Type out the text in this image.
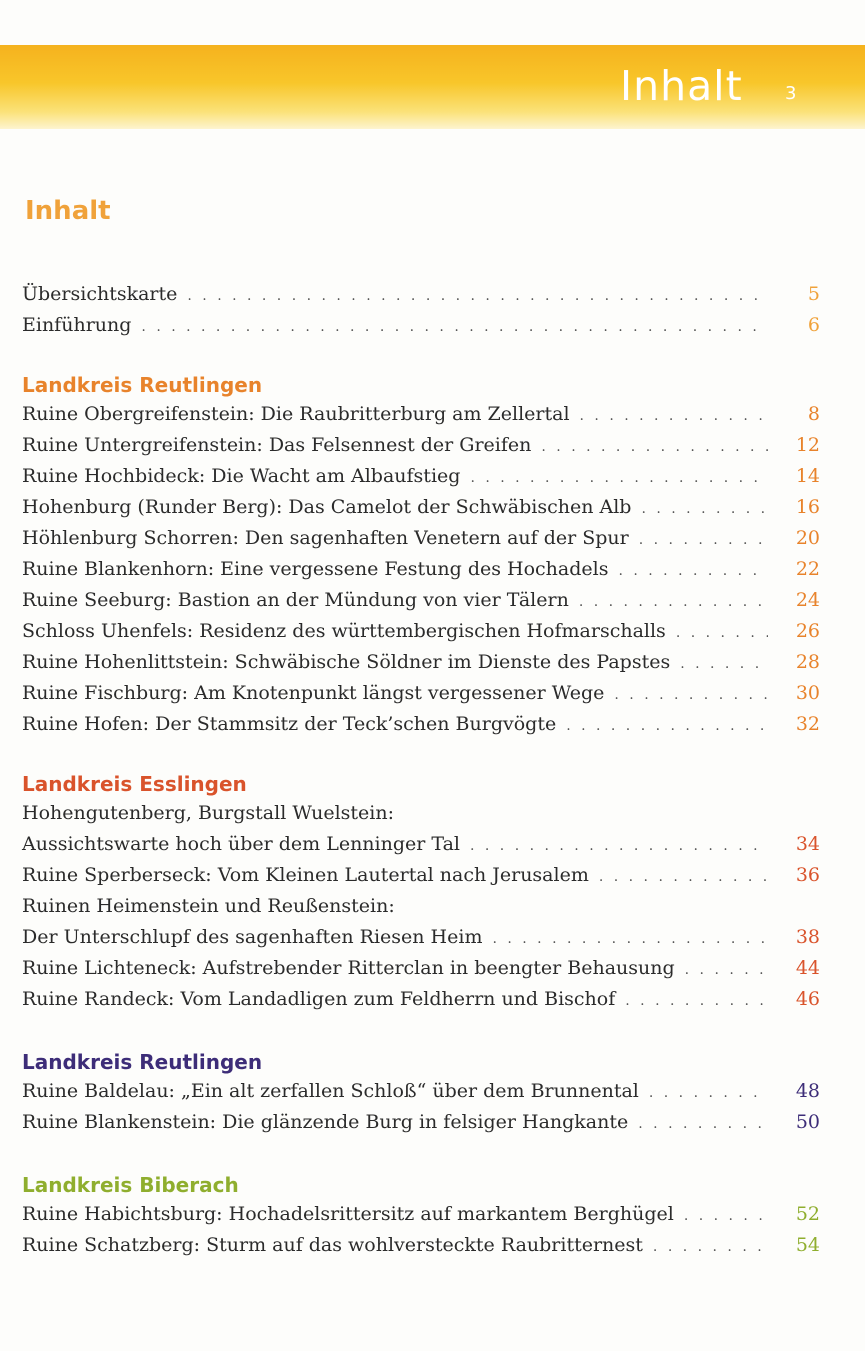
Inhalt 3
Inhalt
Übersichtskarte . . .	5
Einführung . . .	6
Landkreis Reutlingen
Ruine Obergreifenstein: Die Raubritterburg am Zellertal . . .	8
Ruine Untergreifenstein: Das Felsennest der Greifen . . .	12
Ruine Hochbideck: Die Wacht am Albaufstieg . . .	14
Hohenburg (Runder Berg): Das Camelot der Schwäbischen Alb . . .	16
Höhlenburg Schorren: Den sagenhaften Venetern auf der Spur . . .	20
Ruine Blankenhorn: Eine vergessene Festung des Hochadels . . .	22
Ruine Seeburg: Bastion an der Mündung von vier Tälern . . .	24
Schloss Uhenfels: Residenz des württembergischen Hofmarschalls . . .	26
Ruine Hohenlittstein: Schwäbische Söldner im Dienste des Papstes . . .	28
Ruine Fischburg: Am Knotenpunkt längst vergessener Wege . . .	30
Ruine Hofen: Der Stammsitz der Teck’schen Burgvögte . . .	32
Landkreis Esslingen
Hohengutenberg, Burgstall Wuelstein:
Aussichtswarte hoch über dem Lenninger Tal . . .	34
Ruine Sperberseck: Vom Kleinen Lautertal nach Jerusalem . . .	36
Ruinen Heimenstein und Reußenstein:
Der Unterschlupf des sagenhaften Riesen Heim . . .	38
Ruine Lichteneck: Aufstrebender Ritterclan in beengter Behausung . . .	44
Ruine Randeck: Vom Landadligen zum Feldherrn und Bischof . . .	46
Landkreis Reutlingen
Ruine Baldelau: „Ein alt zerfallen Schloß“ über dem Brunnental . . .	48
Ruine Blankenstein: Die glänzende Burg in felsiger Hangkante . . .	50
Landkreis Biberach
Ruine Habichtsburg: Hochadelsrittersitz auf markantem Berghügel . . .	52
Ruine Schatzberg: Sturm auf das wohlversteckte Raubritternest . . .	54
